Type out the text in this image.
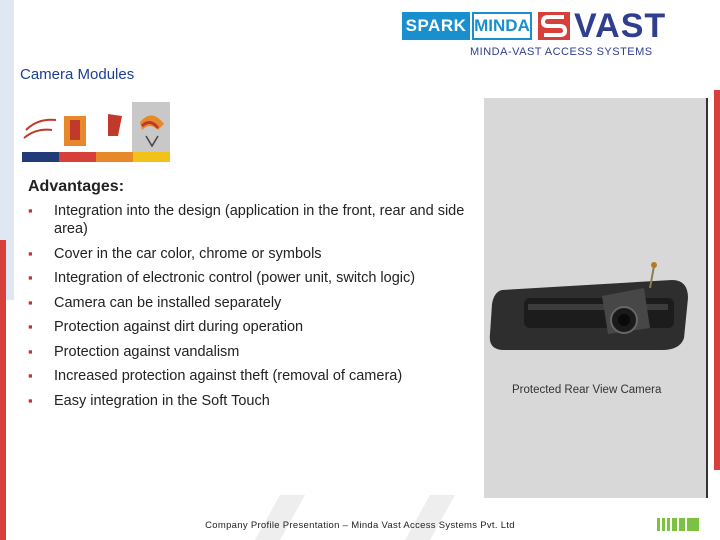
SPARK MINDA VAST
MINDA-VAST ACCESS SYSTEMS
Camera Modules
Advantages:
▪ Integration into the design (application in the front, rear and side area)
▪ Cover in the car color, chrome or symbols
▪ Integration of electronic control (power unit, switch logic)
▪ Camera can be installed separately
▪ Protection against dirt during operation
▪ Protection against vandalism
▪ Increased protection against theft (removal of camera)
▪ Easy integration in the Soft Touch
Protected Rear View Camera
Company Profile Presentation – Minda Vast Access Systems Pvt. Ltd
